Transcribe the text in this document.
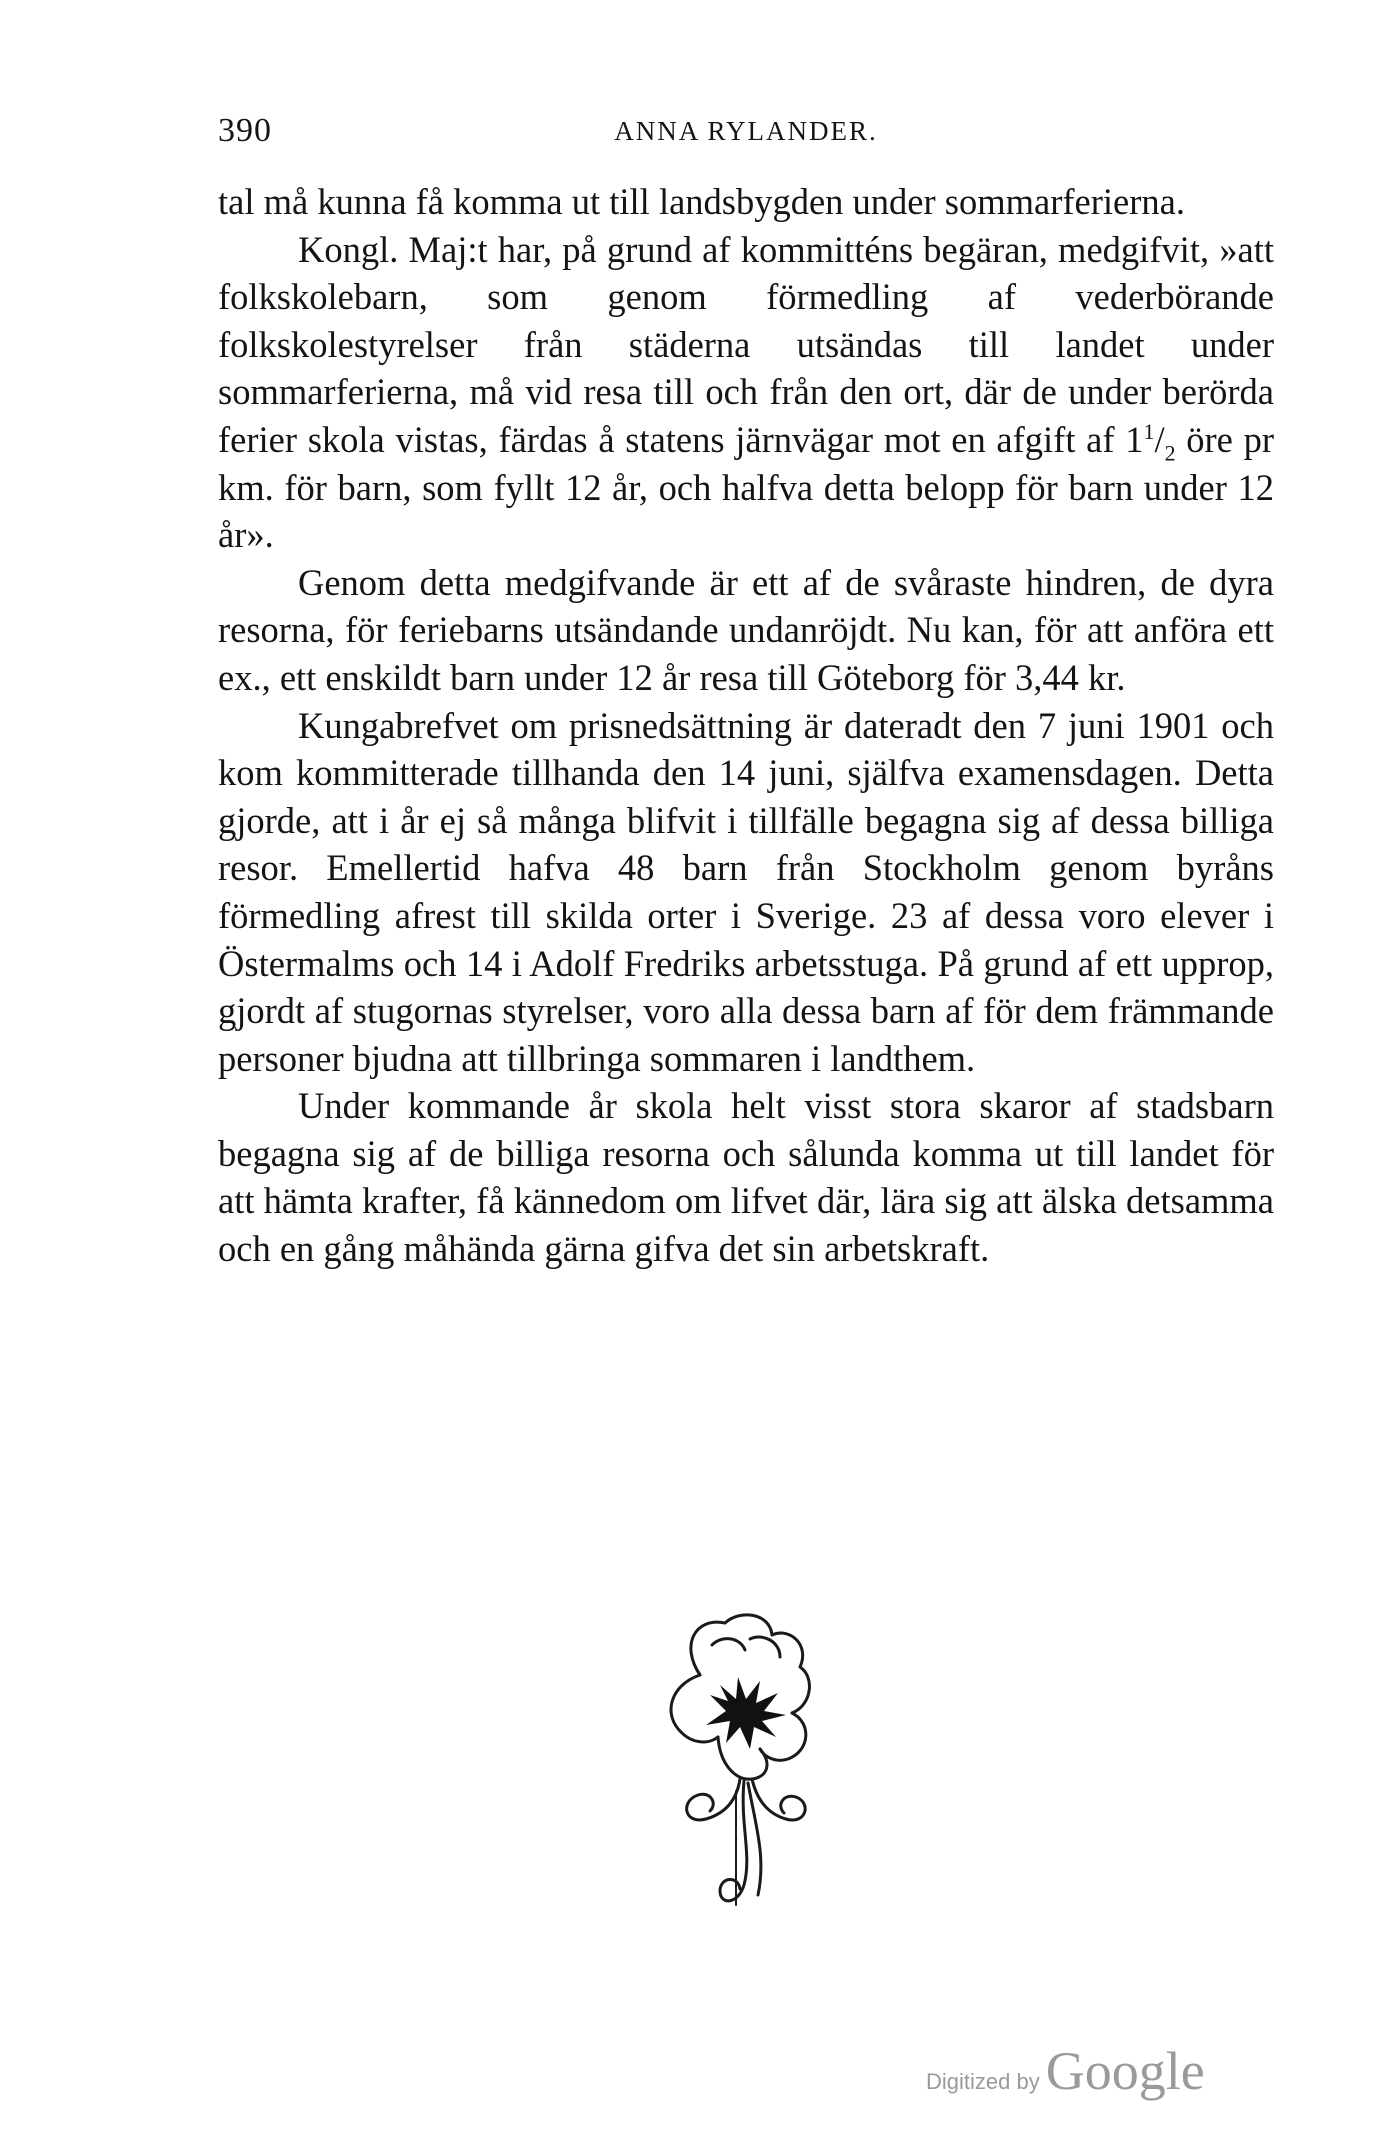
390	ANNA RYLANDER.

tal må kunna få komma ut till landsbygden under sommarferierna.

Kongl. Maj:t har, på grund af kommitténs begäran, medgifvit, »att folkskolebarn, som genom förmedling af vederbörande folkskolestyrelser från städerna utsändas till landet under sommarferierna, må vid resa till och från den ort, där de under berörda ferier skola vistas, färdas å statens järnvägar mot en afgift af $1^1/_2$ öre pr km. för barn, som fyllt 12 år, och halfva detta belopp för barn under 12 år».

Genom detta medgifvande är ett af de svåraste hindren, de dyra resorna, för feriebarns utsändande undanröjdt. Nu kan, för att anföra ett ex., ett enskildt barn under 12 år resa till Göteborg för 3,44 kr.

Kungabrefvet om prisnedsättning är dateradt den 7 juni 1901 och kom kommitterade tillhanda den 14 juni, själfva examensdagen. Detta gjorde, att i år ej så många blifvit i tillfälle begagna sig af dessa billiga resor. Emellertid hafva 48 barn från Stockholm genom byråns förmedling afrest till skilda orter i Sverige. 23 af dessa voro elever i Östermalms och 14 i Adolf Fredriks arbetsstuga. På grund af ett upprop, gjordt af stugornas styrelser, voro alla dessa barn af för dem främmande personer bjudna att tillbringa sommaren i landthem.

Under kommande år skola helt visst stora skaror af stadsbarn begagna sig af de billiga resorna och sålunda komma ut till landet för att hämta krafter, få kännedom om lifvet där, lära sig att älska detsamma och en gång måhända gärna gifva det sin arbetskraft.

Digitized by Google
